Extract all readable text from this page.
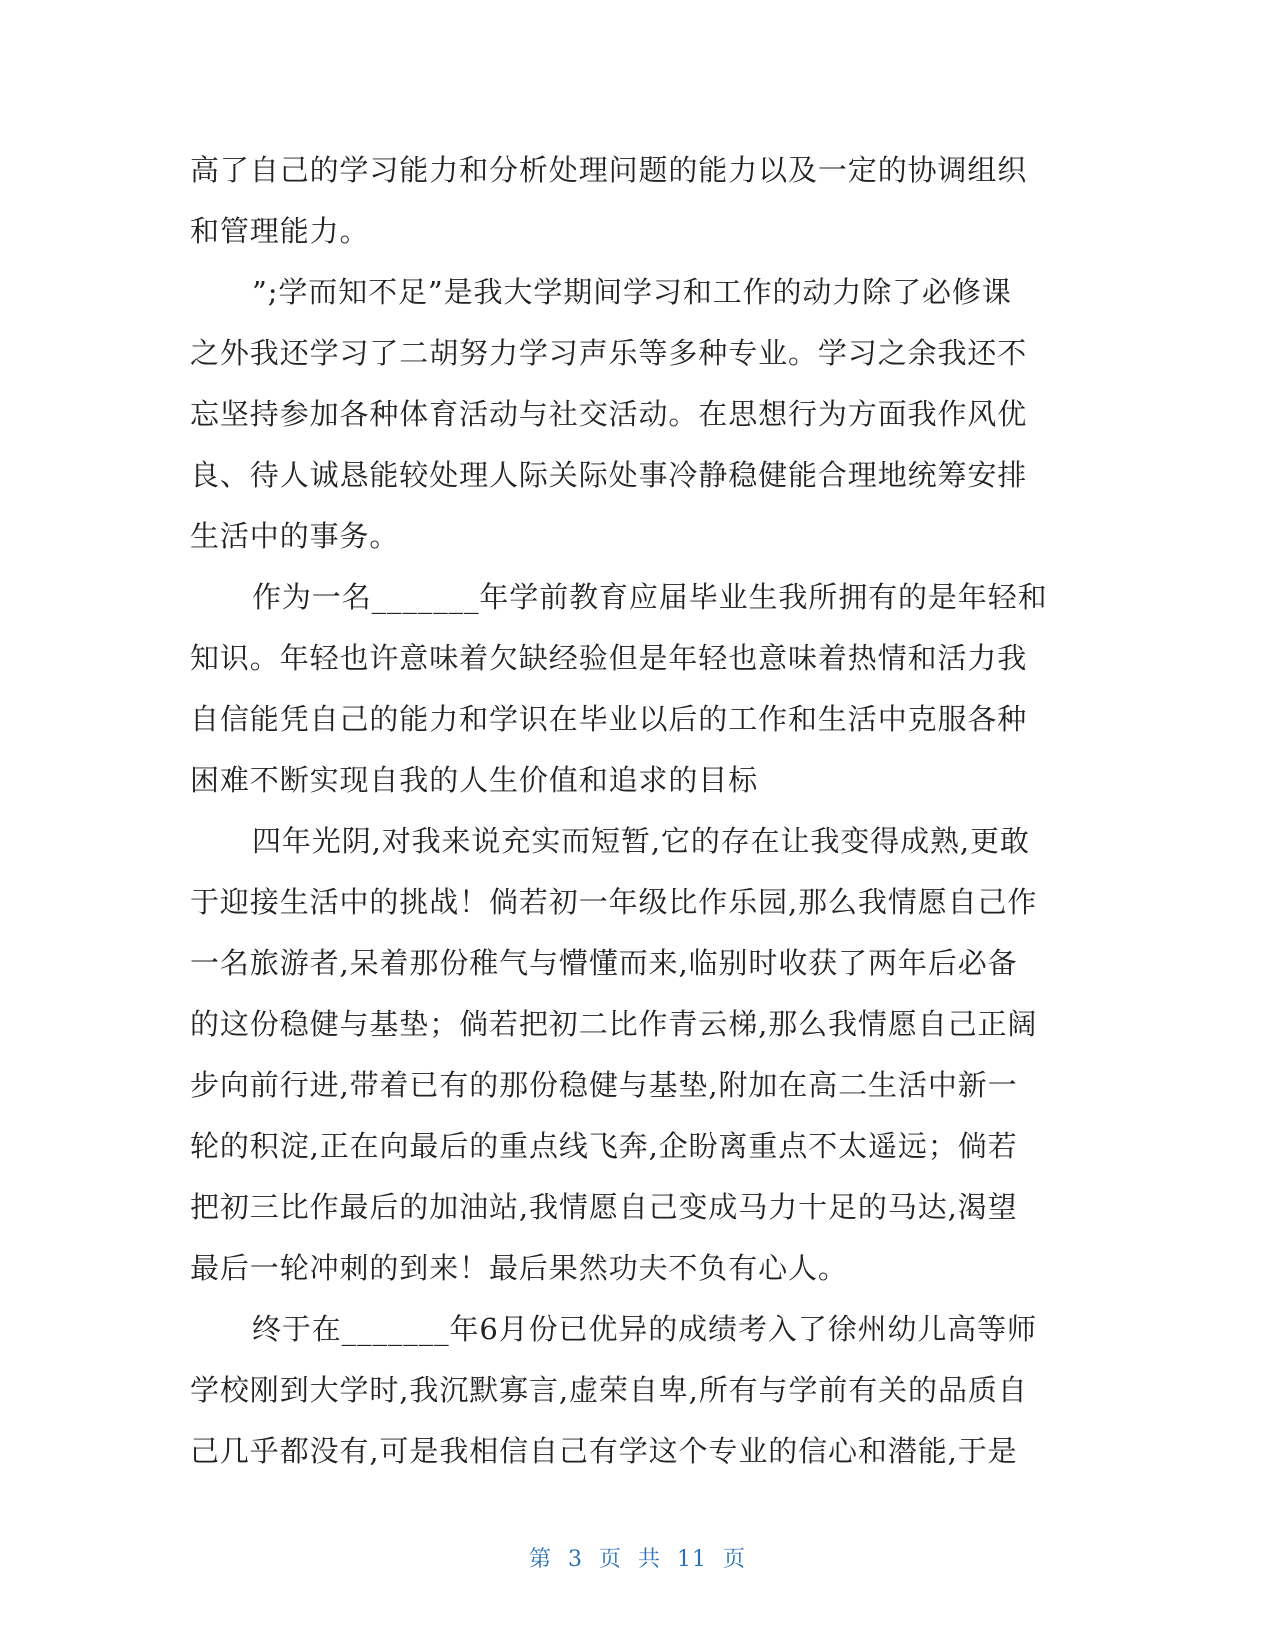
高了自己的学习能力和分析处理问题的能力以及一定的协调组织
和管理能力。
”;学而知不足”是我大学期间学习和工作的动力除了必修课
之外我还学习了二胡努力学习声乐等多种专业。学习之余我还不
忘坚持参加各种体育活动与社交活动。在思想行为方面我作风优
良、待人诚恳能较处理人际关际处事冷静稳健能合理地统筹安排
生活中的事务。
作为一名_______年学前教育应届毕业生我所拥有的是年轻和
知识。年轻也许意味着欠缺经验但是年轻也意味着热情和活力我
自信能凭自己的能力和学识在毕业以后的工作和生活中克服各种
困难不断实现自我的人生价值和追求的目标
四年光阴,对我来说充实而短暂,它的存在让我变得成熟,更敢
于迎接生活中的挑战！倘若初一年级比作乐园,那么我情愿自己作
一名旅游者,呆着那份稚气与懵懂而来,临别时收获了两年后必备
的这份稳健与基垫；倘若把初二比作青云梯,那么我情愿自己正阔
步向前行进,带着已有的那份稳健与基垫,附加在高二生活中新一
轮的积淀,正在向最后的重点线飞奔,企盼离重点不太遥远；倘若
把初三比作最后的加油站,我情愿自己变成马力十足的马达,渴望
最后一轮冲刺的到来！最后果然功夫不负有心人。
终于在_______年6月份已优异的成绩考入了徐州幼儿高等师
学校刚到大学时,我沉默寡言,虚荣自卑,所有与学前有关的品质自
己几乎都没有,可是我相信自己有学这个专业的信心和潜能,于是
第 3 页 共 11 页
